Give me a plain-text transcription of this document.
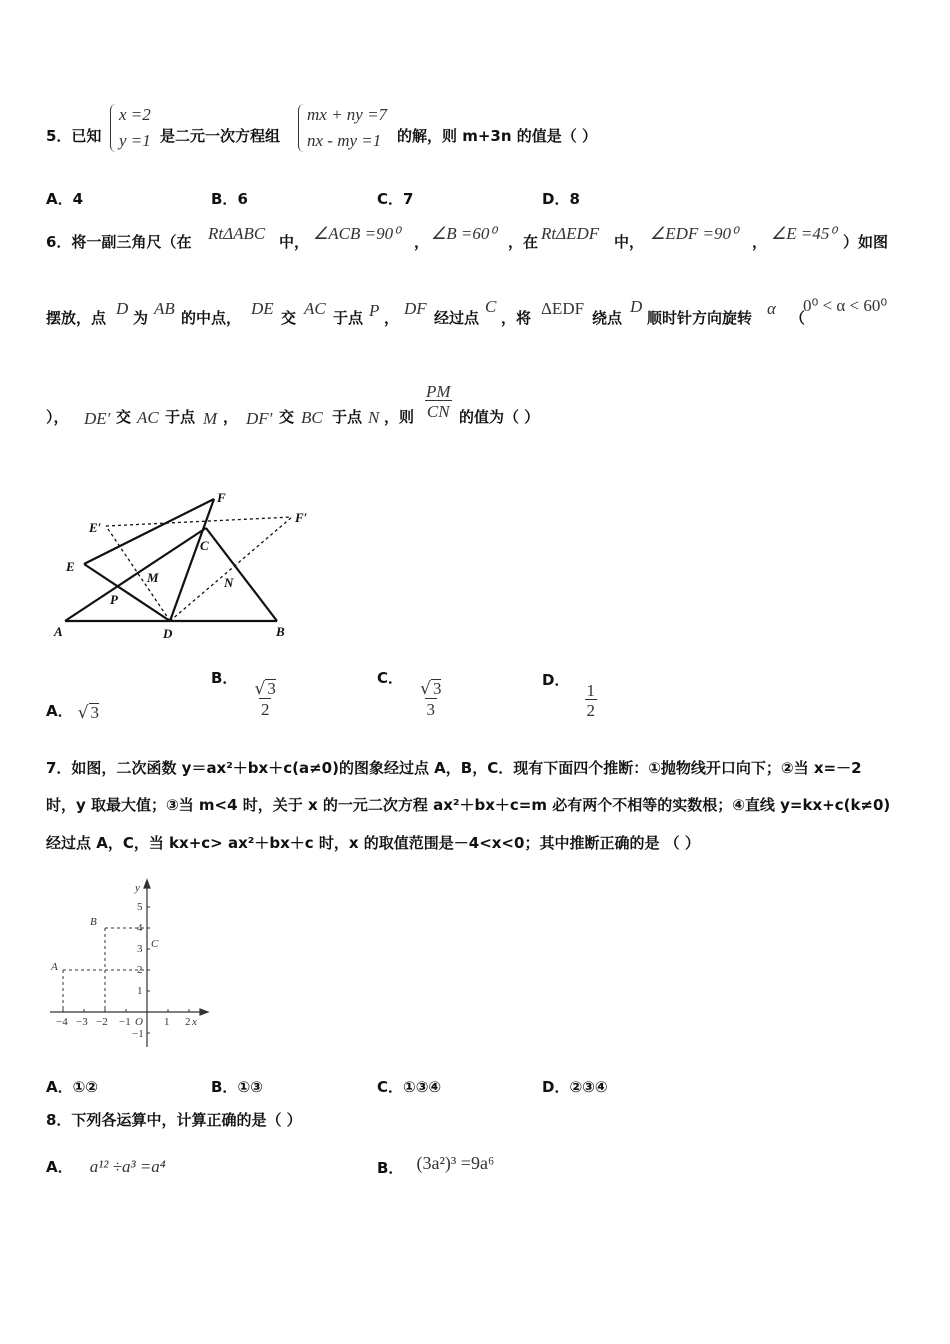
5．已知
x =2
y =1 是二元一次方程组
mx + ny =7
nx - my =1 的解，则 m+3n 的值是（ ）
A．4	B．6	C．7	D．8
6．将一副三角尺（在 RtΔABC 中， ∠ACB =90⁰ ， ∠B =60⁰ ，在 RtΔEDF 中， ∠EDF =90⁰ ， ∠E =45⁰ ）如图
摆放，点 D 为 AB 的中点， DE 交 AC 于点 P ， DF 经过点
C
，将 ΔEDF 绕点
D
顺时针方向旋转 α （
0⁰ < α < 60⁰
）， DE′ 交 AC 于点 M ， DF′ 交 BC 于点 N ，则 $\frac{PM}{CN}$ 的值为（ ）
F
E′
F′
C
E
M	N
P
A	D	B
A． √ 3
B．
$\frac{√ 3}{2}$
C．
$\frac{√ 3}{3}$	D．
$\frac{1}{2}$
7．如图，二次函数 y＝ax²＋bx＋c(a≠0)的图象经过点 A，B，C．现有下面四个推断：①抛物线开口向下；②当 x=－2
时，y 取最大值；③当 m<4 时，关于 x 的一元二次方程 ax²＋bx＋c=m 必有两个不相等的实数根；④直线 y=kx+c(k≠0)
经过点 A，C，当 kx+c> ax²＋bx＋c 时，x 的取值范围是－4<x<0；其中推断正确的是 （ ）
x
y
−4 −3 −2 −1 O 1 2
5
4
3
2
1
−1
B
A
C
A．①②	B．①③	C．①③④	D．②③④
8．下列各运算中，计算正确的是（ ）
A． a¹² ÷a³ =a⁴	B． (3a²)³ =9a⁶
